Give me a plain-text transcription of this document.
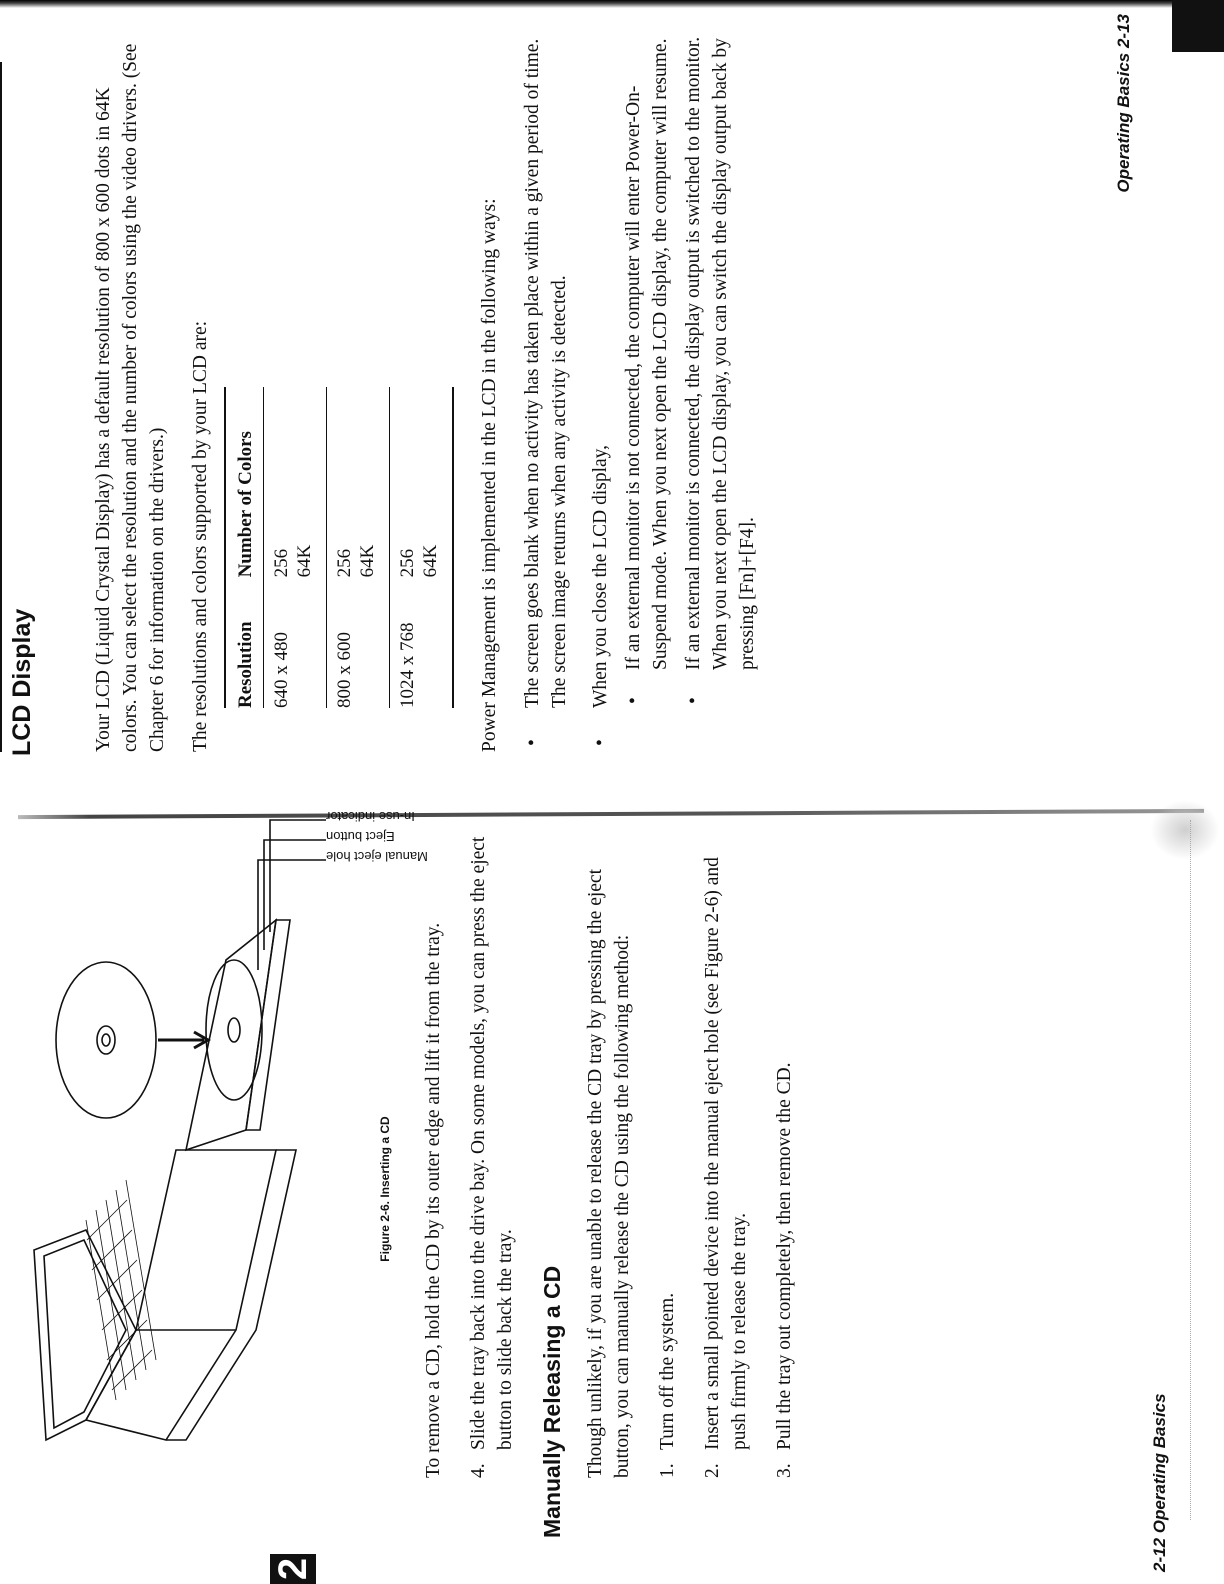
2
Manual eject hole
Eject button
In-use indicator
Figure 2-6. Inserting a CD To remove a CD, hold the CD by its outer edge and lift it from the tray. 4.
Slide the tray back into the drive bay. On some models, you can press the eject button to slide back the tray. Manually Releasing a CD Though unlikely, if you are unable to release the CD tray by pressing the eject button, you can manually release the CD using the following method: 1.
Turn off the system.
2.
Insert a small pointed device into the manual eject hole (see Figure 2-6) and push firmly to release the tray.
3.
Pull the tray out completely, then remove the CD.
2-12 Operating Basics
LCD Display	Your LCD (Liquid Crystal Display) has a default resolution of 800 x 600 dots in 64K colors. You can select the resolution and the number of colors using the video drivers. (See Chapter 6 for information on the drivers.) The resolutions and colors supported by your LCD are: Resolution	Number of Colors
640 x 480	256 64K

800 x 600	256 64K

1024 x 768	256 64K Power Management is implemented in the LCD in the following ways: •
The screen goes blank when no activity has taken place within a given period of time. The screen image returns when any activity is detected.
•
When you close the LCD display, •
If an external monitor is not connected, the computer will enter Power-On-Suspend mode. When you next open the LCD display, the computer will resume.
•
If an external monitor is connected, the display output is switched to the monitor. When you next open the LCD display, you can switch the display output back by pressing [Fn]+[F4].
Operating Basics 2-13
